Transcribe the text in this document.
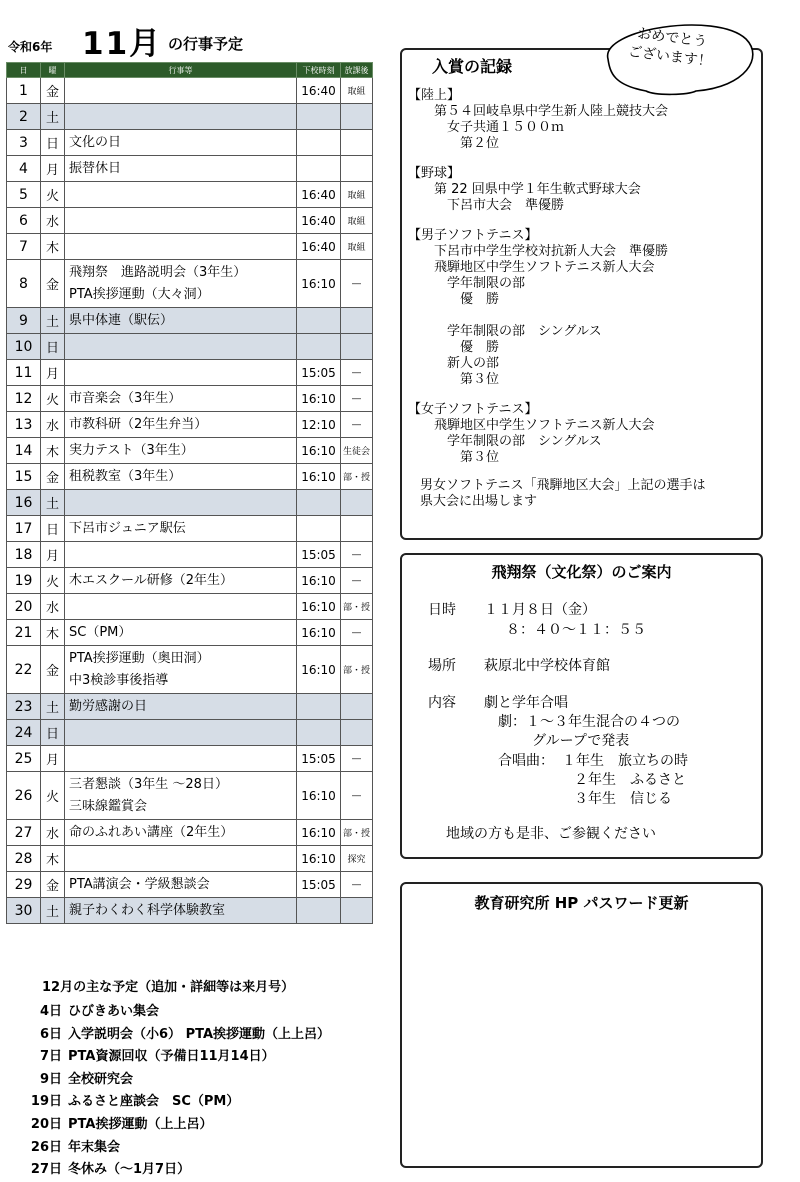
令和6年 11月 の行事予定
日	曜	行事等	下校時刻	放課後
1	金		16:40	取組
2	土			
3	日	文化の日		

4	月	振替休日		

5	火		16:40	取組
6	水		16:40	取組
7	木		16:40	取組
8	金	飛翔祭　進路説明会（3年生）
PTA挨拶運動（大々洞）	16:10	―
9	土	県中体連（駅伝）		

10	日			
11	月		15:05	―
12	火	市音楽会（3年生）	16:10	―
13	水	市教科研（2年生弁当）	12:10	―
14	木	実力テスト（3年生）	16:10	生徒会
15	金	租税教室（3年生）	16:10	部・授
16	土			
17	日	下呂市ジュニア駅伝		

18	月		15:05	―
19	火	木エスクール研修（2年生）	16:10	―
20	水		16:10	部・授
21	木	SC（PM）	16:10	―
22	金	PTA挨拶運動（奥田洞）
中3検診事後指導	16:10	部・授
23	土	勤労感謝の日		

24	日			
25	月		15:05	―
26	火	三者懇談（3年生 ～28日）
三味線鑑賞会	16:10	―
27	水	命のふれあい講座（2年生）	16:10	部・授
28	木		16:10	探究
29	金	PTA講演会・学級懇談会	15:05	―
30	土	親子わくわく科学体験教室		

12月の主な予定（追加・詳細等は来月号）
4日 ひびきあい集会
6日 入学説明会（小6） PTA挨拶運動（上上呂）
7日 PTA資源回収（予備日11月14日）
9日 全校研究会
19日 ふるさと座談会　SC（PM）
20日 PTA挨拶運動（上上呂）
26日 年末集会
27日 冬休み（～1月7日）
入賞の記録
【陸上】
　　第５４回岐阜県中学生新人陸上競技大会
　　　女子共通１５００ｍ
　　　　第２位
【野球】
　　第 22 回県中学１年生軟式野球大会
　　　下呂市大会　準優勝
【男子ソフトテニス】
　　下呂市中学生学校対抗新人大会　準優勝
　　飛騨地区中学生ソフトテニス新人大会
　　　学年制限の部
　　　　優　勝
　　　学年制限の部　シングルス
　　　　優　勝
　　　新人の部
　　　　第３位
【女子ソフトテニス】
　　飛騨地区中学生ソフトテニス新人大会
　　　学年制限の部　シングルス
　　　　第３位
男女ソフトテニス「飛騨地区大会」上記の選手は
県大会に出場します
おめでとう
ございます！
飛翔祭（文化祭）のご案内
日時 １１月８日（金）
８：４０～１１：５５
場所 萩原北中学校体育館
内容 劇と学年合唱
劇：１～３年生混合の４つの
グループで発表
合唱曲： １年生　旅立ちの時
２年生　ふるさと
３年生　信じる
地域の方も是非、ご参観ください
教育研究所 HP パスワード更新
